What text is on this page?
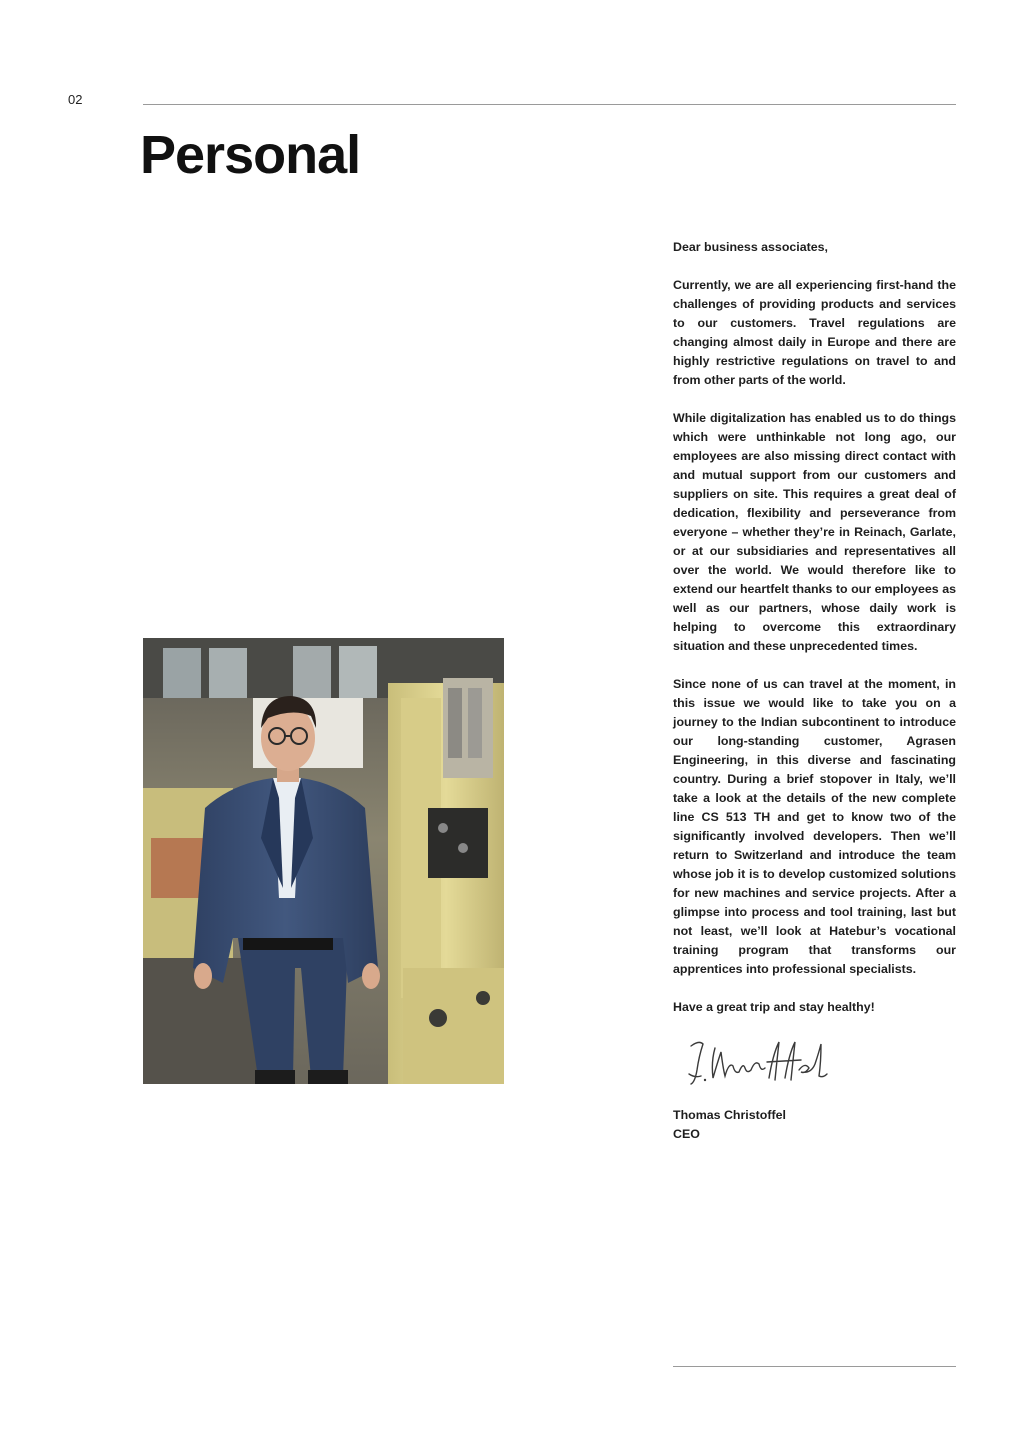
02
Personal

Dear business associates,

Currently, we are all experiencing first-hand the challenges of providing products and services to our customers. Travel regulations are changing almost daily in Europe and there are highly restrictive regulations on travel to and from other parts of the world.

While digitalization has enabled us to do things which were unthinkable not long ago, our employees are also missing direct contact with and mutual support from our customers and suppliers on site. This requires a great deal of dedication, flexibility and perseverance from everyone – whether they’re in Reinach, Garlate, or at our subsidiaries and representatives all over the world. We would therefore like to extend our heartfelt thanks to our employees as well as our partners, whose daily work is helping to overcome this extraordinary situation and these unprecedented times.

Since none of us can travel at the moment, in this issue we would like to take you on a journey to the Indian subcontinent to introduce our long-standing customer, Agrasen Engineering, in this diverse and fascinating country. During a brief stopover in Italy, we’ll take a look at the details of the new complete line CS 513 TH and get to know two of the significantly involved developers. Then we’ll return to Switzerland and introduce the team whose job it is to develop customized solutions for new machines and service projects. After a glimpse into process and tool training, last but not least, we’ll look at Hatebur’s vocational training program that transforms our apprentices into professional specialists.

Have a great trip and stay healthy!

Thomas Christoffel
CEO
